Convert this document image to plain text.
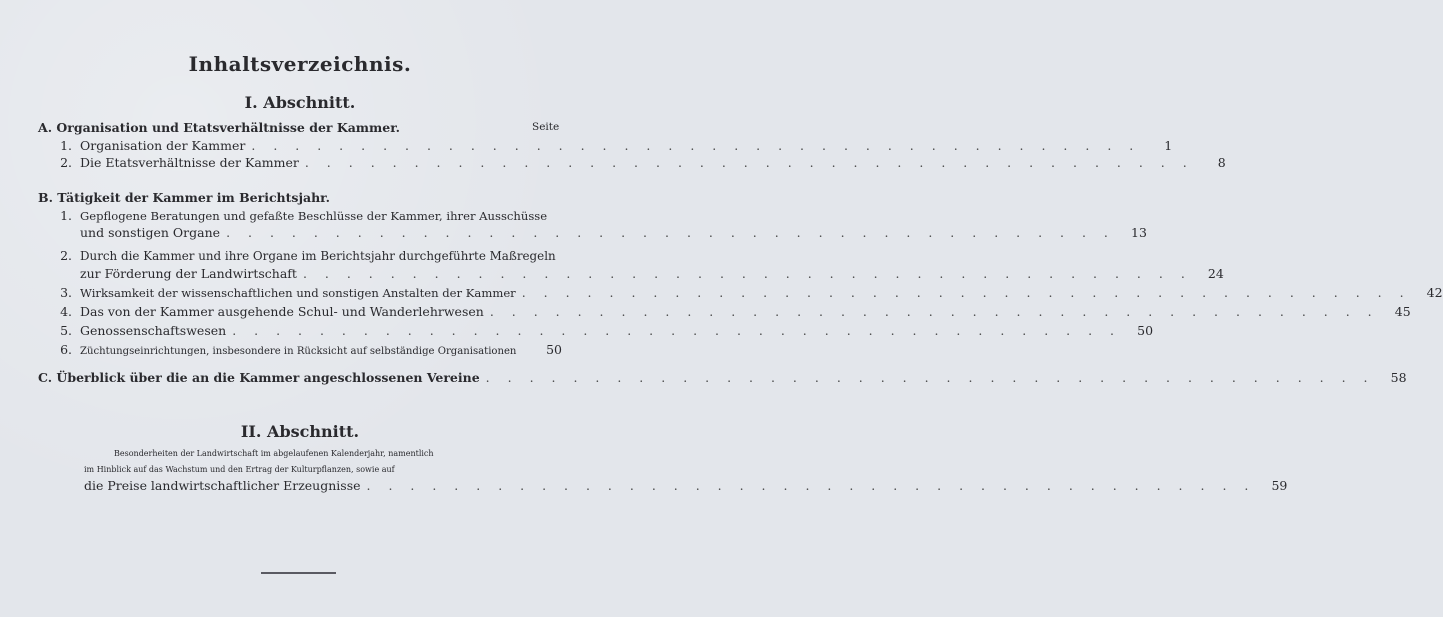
Inhaltsverzeichnis.
I. Abschnitt.
Seite
A. Organisation und Etatsverhältnisse der Kammer.
1. Organisation der Kammer . . . . . . . . . . . . . . . . . . . . . . . . . . . . . . . . . . . . . . . . .	1
2. Die Etatsverhältnisse der Kammer . . . . . . . . . . . . . . . . . . . . . . . . . . . . . . . . . . . . . . . . .	8
B. Tätigkeit der Kammer im Berichtsjahr.
1. Gepflogene Beratungen und gefaßte Beschlüsse der Kammer, ihrer Ausschüsse
und sonstigen Organe . . . . . . . . . . . . . . . . . . . . . . . . . . . . . . . . . . . . . . . . .	13
2. Durch die Kammer und ihre Organe im Berichtsjahr durchgeführte Maßregeln
zur Förderung der Landwirtschaft . . . . . . . . . . . . . . . . . . . . . . . . . . . . . . . . . . . . . . . . .	24
3. Wirksamkeit der wissenschaftlichen und sonstigen Anstalten der Kammer . . . . . . . . . . . . . . . . . . . . . . . . . . . . . . . . . . . . . . . . .	42
4. Das von der Kammer ausgehende Schul- und Wanderlehrwesen . . . . . . . . . . . . . . . . . . . . . . . . . . . . . . . . . . . . . . . . .	45
5. Genossenschaftswesen . . . . . . . . . . . . . . . . . . . . . . . . . . . . . . . . . . . . . . . . .	50
6. Züchtungseinrichtungen, insbesondere in Rücksicht auf selbständige Organisationen	50
C. Überblick über die an die Kammer angeschlossenen Vereine . . . . . . . . . . . . . . . . . . . . . . . . . . . . . . . . . . . . . . . . .	58
II. Abschnitt.
Besonderheiten der Landwirtschaft im abgelaufenen Kalenderjahr, namentlich
im Hinblick auf das Wachstum und den Ertrag der Kulturpflanzen, sowie auf
die Preise landwirtschaftlicher Erzeugnisse . . . . . . . . . . . . . . . . . . . . . . . . . . . . . . . . . . . . . . . . .	59
